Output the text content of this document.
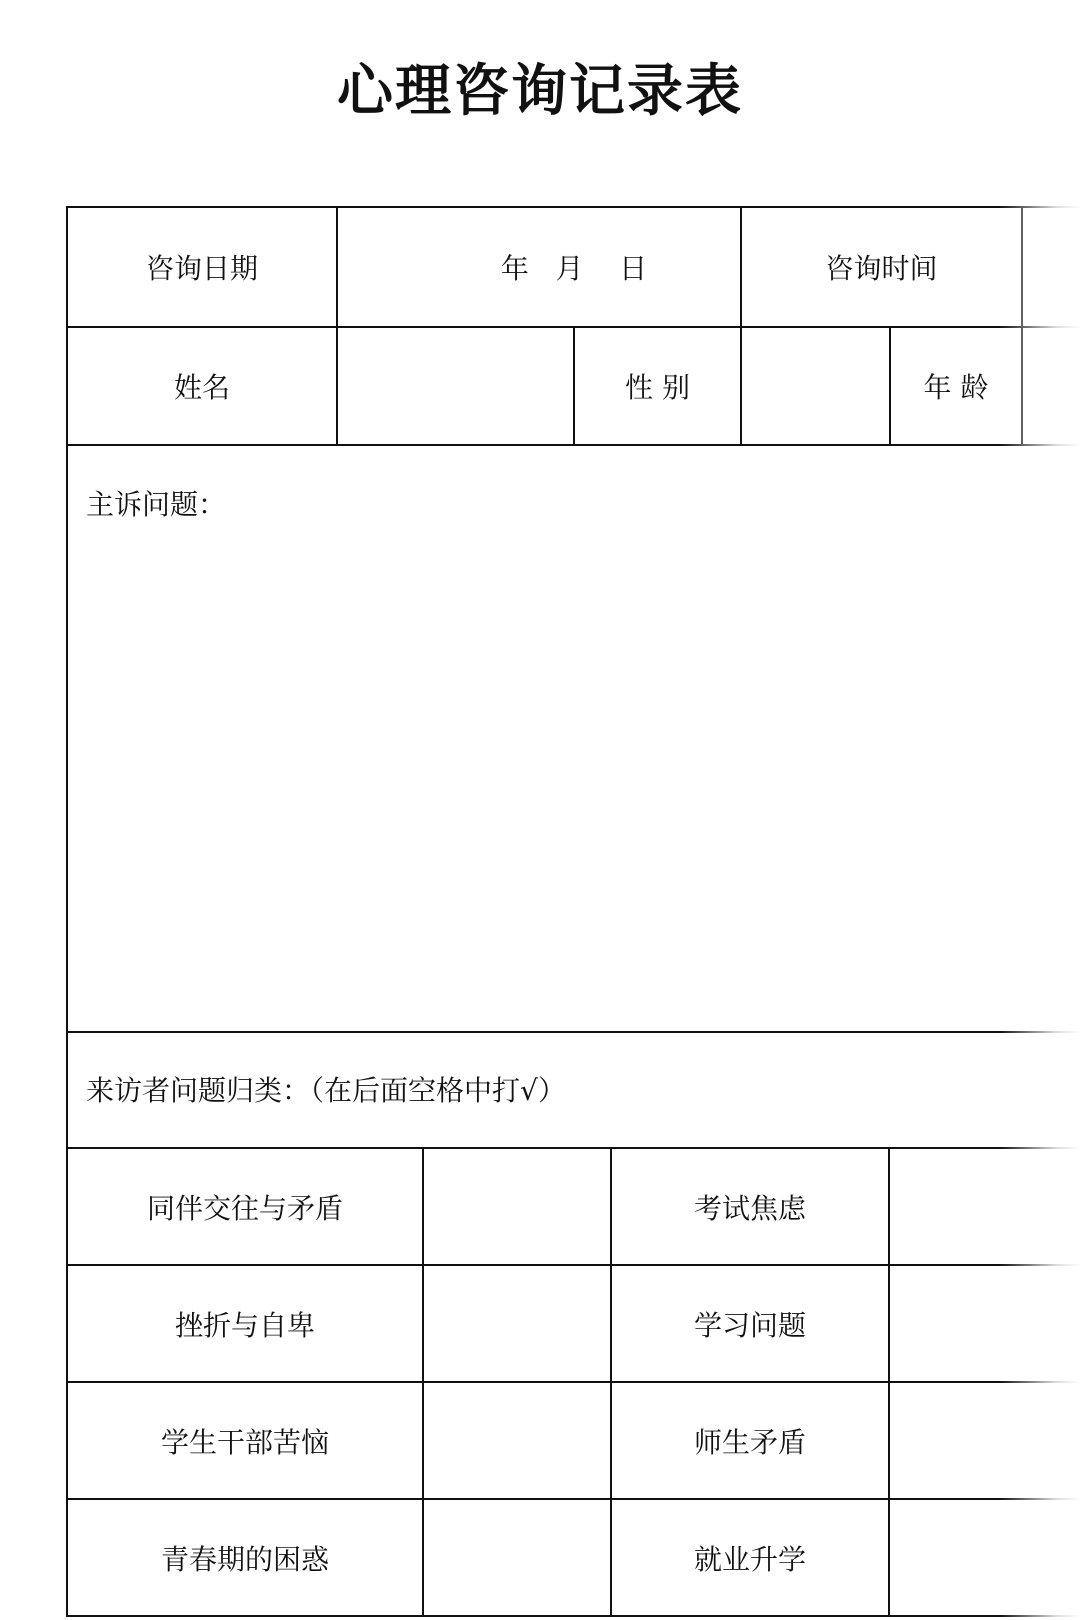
心理咨询记录表
咨询日期	年   月    日	咨询时间
姓名	性 别	年 龄
主诉问题：
来访者问题归类：（在后面空格中打√）
同伴交往与矛盾	考试焦虑
挫折与自卑	学习问题
学生干部苦恼	师生矛盾
青春期的困惑	就业升学
